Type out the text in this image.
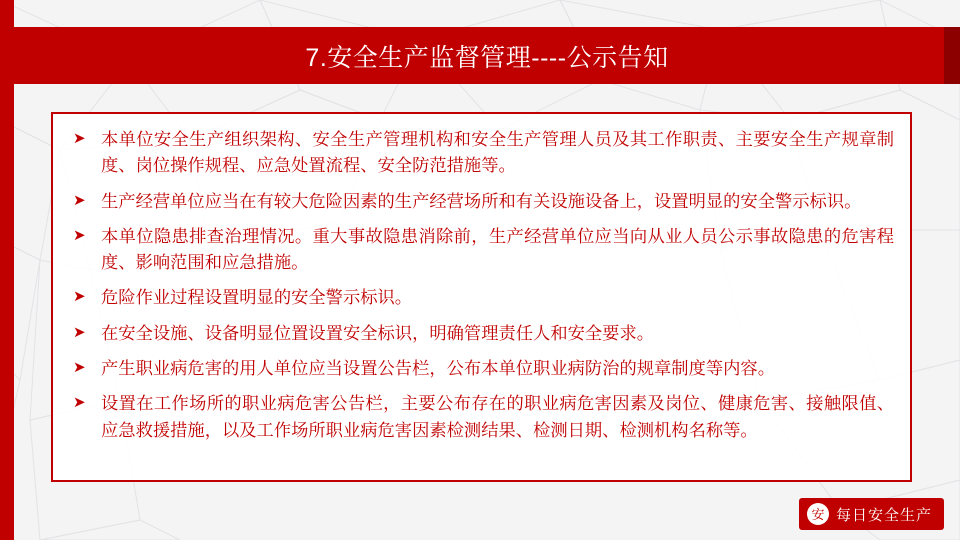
7.安全生产监督管理----公示告知
➤ 本单位安全生产组织架构、安全生产管理机构和安全生产管理人员及其工作职责、主要安全生产规章制度、岗位操作规程、应急处置流程、安全防范措施等。
➤ 生产经营单位应当在有较大危险因素的生产经营场所和有关设施设备上，设置明显的安全警示标识。
➤ 本单位隐患排查治理情况。重大事故隐患消除前，生产经营单位应当向从业人员公示事故隐患的危害程度、影响范围和应急措施。
➤ 危险作业过程设置明显的安全警示标识。
➤ 在安全设施、设备明显位置设置安全标识，明确管理责任人和安全要求。
➤ 产生职业病危害的用人单位应当设置公告栏，公布本单位职业病防治的规章制度等内容。
➤ 设置在工作场所的职业病危害公告栏，主要公布存在的职业病危害因素及岗位、健康危害、接触限值、应急救援措施，以及工作场所职业病危害因素检测结果、检测日期、检测机构名称等。
安 每日安全生产
